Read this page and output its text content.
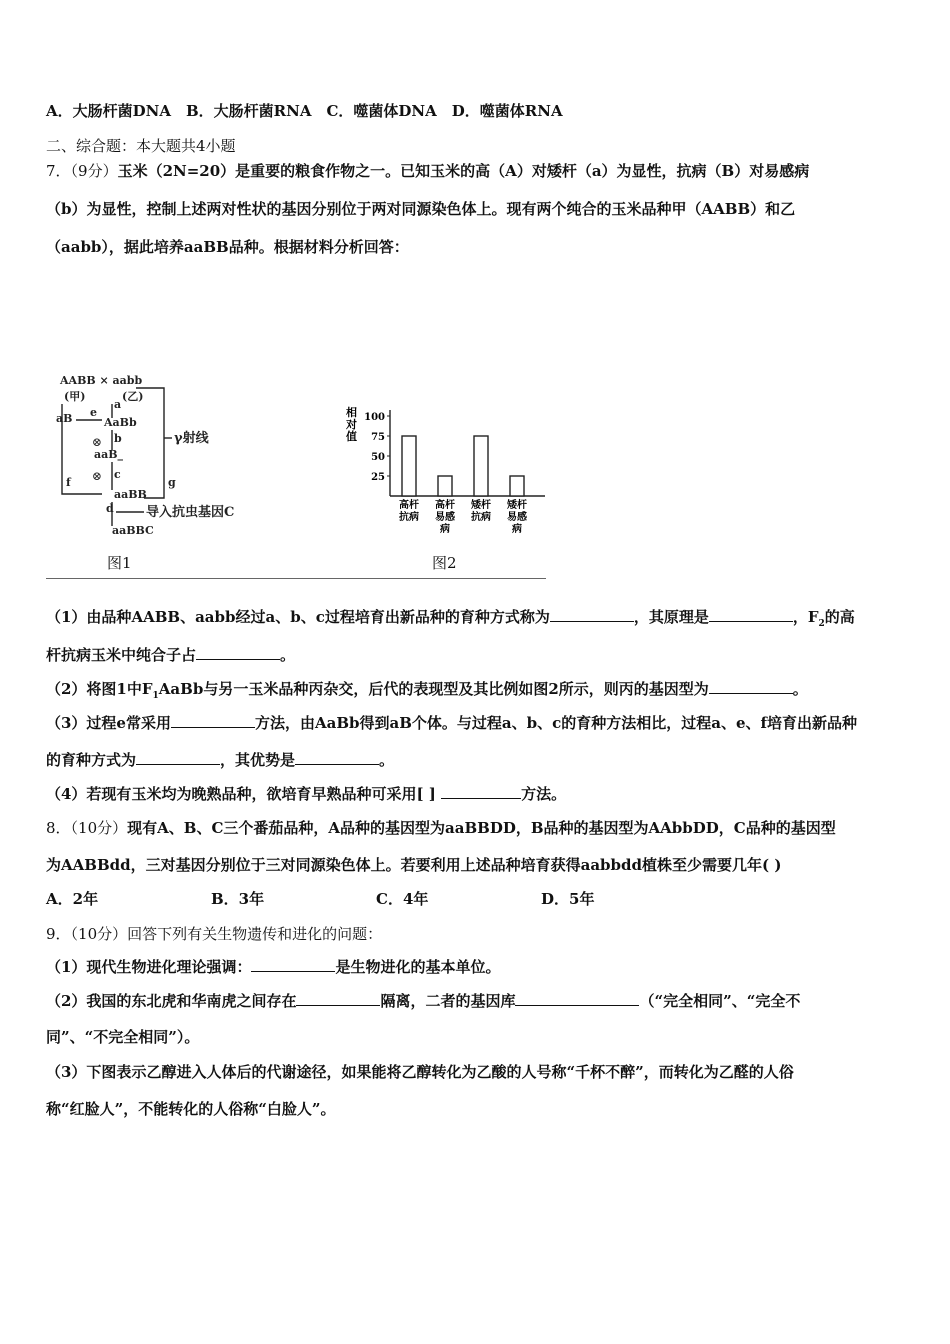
A．大肠杆菌DNA　B．大肠杆菌RNA　C．噬菌体DNA　D．噬菌体RNA
二、综合题：本大题共4小题
7．（9分）玉米（2N=20）是重要的粮食作物之一。已知玉米的高（A）对矮杆（a）为显性，抗病（B）对易感病
（b）为显性，控制上述两对性状的基因分别位于两对同源染色体上。现有两个纯合的玉米品种甲（AABB）和乙
（aabb），据此培养aaBB品种。根据材料分析回答：
AABB × aabb
(甲)	(乙)
aB e
a
AaBb
b
aaB_
c
f
aaBB
d
γ射线
g
导入抗虫基因C
aaBBC
⊗
⊗
图1
相
对
值
25
50
75
100
高杆
抗病
高杆
易感
病
矮杆
抗病
矮杆
易感
病
图2
（1）由品种AABB、aabb经过a、b、c过程培育出新品种的育种方式称为	，其原理是	，$F_2$的高
杆抗病玉米中纯合子占	。
（2）将图1中$F_1AaBb$与另一玉米品种丙杂交，后代的表现型及其比例如图2所示，则丙的基因型为	。
（3）过程e常采用	方法，由AaBb得到aB个体。与过程a、b、c的育种方法相比，过程a、e、f培育出新品种
的育种方式为	，其优势是	。
（4）若现有玉米均为晚熟品种，欲培育早熟品种可采用[ ]	方法。
8．（10分）现有A、B、C三个番茄品种，A品种的基因型为aaBBDD，B品种的基因型为AAbbDD，C品种的基因型
为AABBdd，三对基因分别位于三对同源染色体上。若要利用上述品种培育获得aabbdd植株至少需要几年( )
A．2年	B．3年	C．4年	D．5年
9．（10分）回答下列有关生物遗传和进化的问题：
（1）现代生物进化理论强调：	是生物进化的基本单位。
（2）我国的东北虎和华南虎之间存在	隔离，二者的基因库	（“完全相同”、“完全不
同”、“不完全相同”）。
（3）下图表示乙醇进入人体后的代谢途径，如果能将乙醇转化为乙酸的人号称“千杯不醉”，而转化为乙醛的人俗
称“红脸人”，不能转化的人俗称“白脸人”。
